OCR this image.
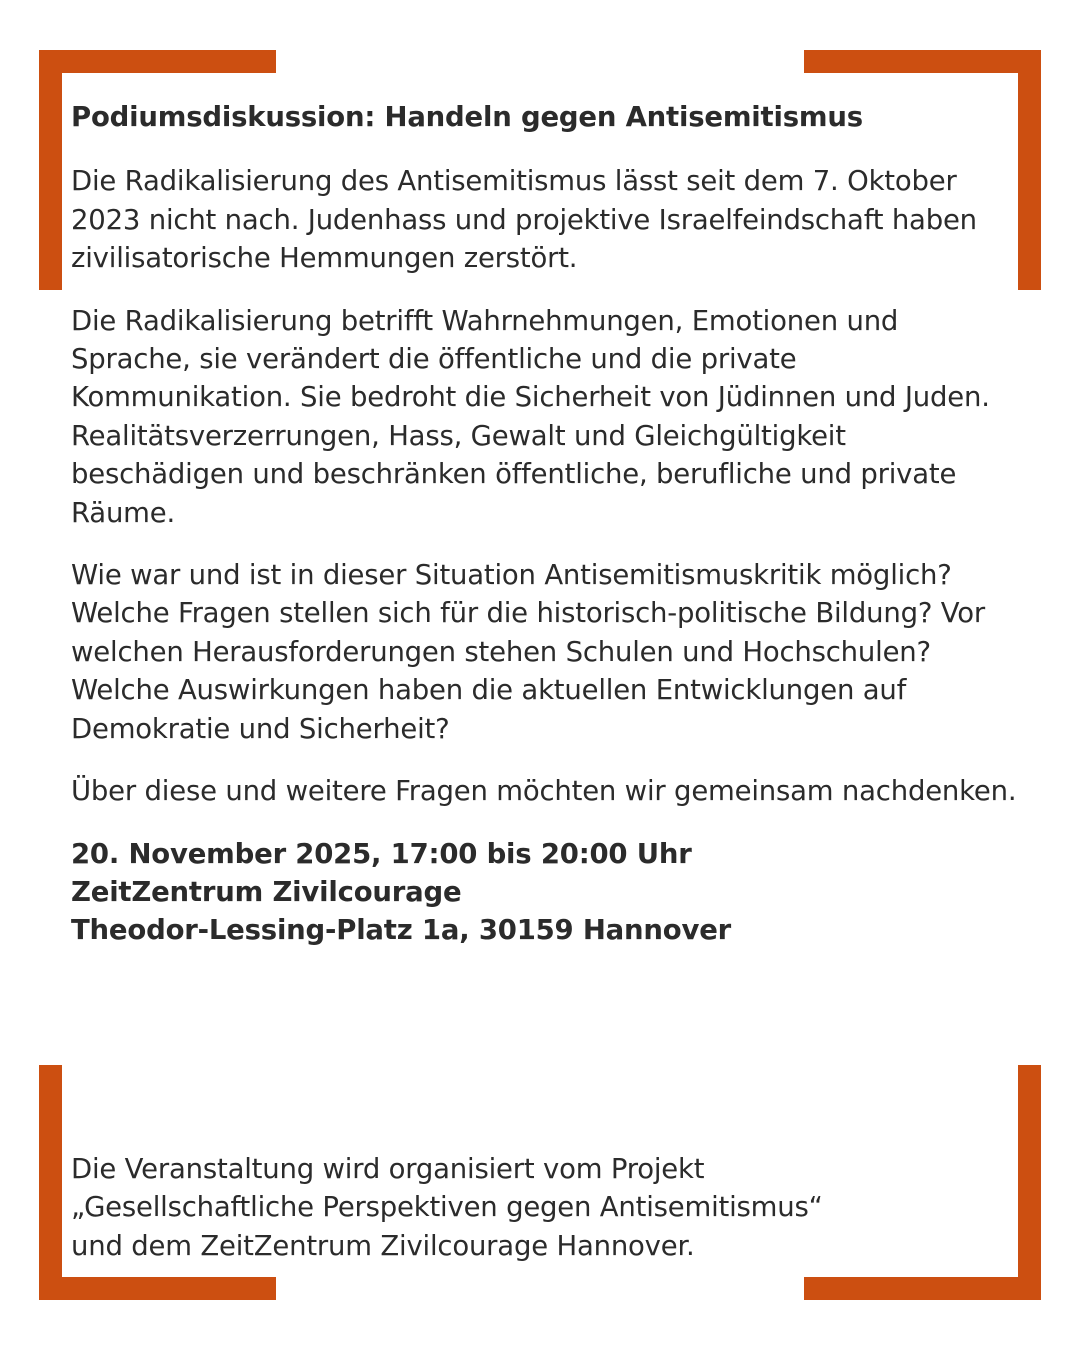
Podiumsdiskussion: Handeln gegen Antisemitismus

Die Radikalisierung des Antisemitismus lässt seit dem 7. Oktober 2023 nicht nach. Judenhass und projektive Israelfeindschaft haben zivilisatorische Hemmungen zerstört.

Die Radikalisierung betrifft Wahrnehmungen, Emotionen und Sprache, sie verändert die öffentliche und die private Kommunikation. Sie bedroht die Sicherheit von Jüdinnen und Juden. Realitätsverzerrungen, Hass, Gewalt und Gleichgültigkeit beschädigen und beschränken öffentliche, berufliche und private Räume.

Wie war und ist in dieser Situation Antisemitismuskritik möglich? Welche Fragen stellen sich für die historisch-politische Bildung? Vor welchen Herausforderungen stehen Schulen und Hochschulen? Welche Auswirkungen haben die aktuellen Entwicklungen auf Demokratie und Sicherheit?

Über diese und weitere Fragen möchten wir gemeinsam nachdenken.

20. November 2025, 17:00 bis 20:00 Uhr
ZeitZentrum Zivilcourage
Theodor-Lessing-Platz 1a, 30159 Hannover
Die Veranstaltung wird organisiert vom Projekt
„Gesellschaftliche Perspektiven gegen Antisemitismus“
und dem ZeitZentrum Zivilcourage Hannover.
